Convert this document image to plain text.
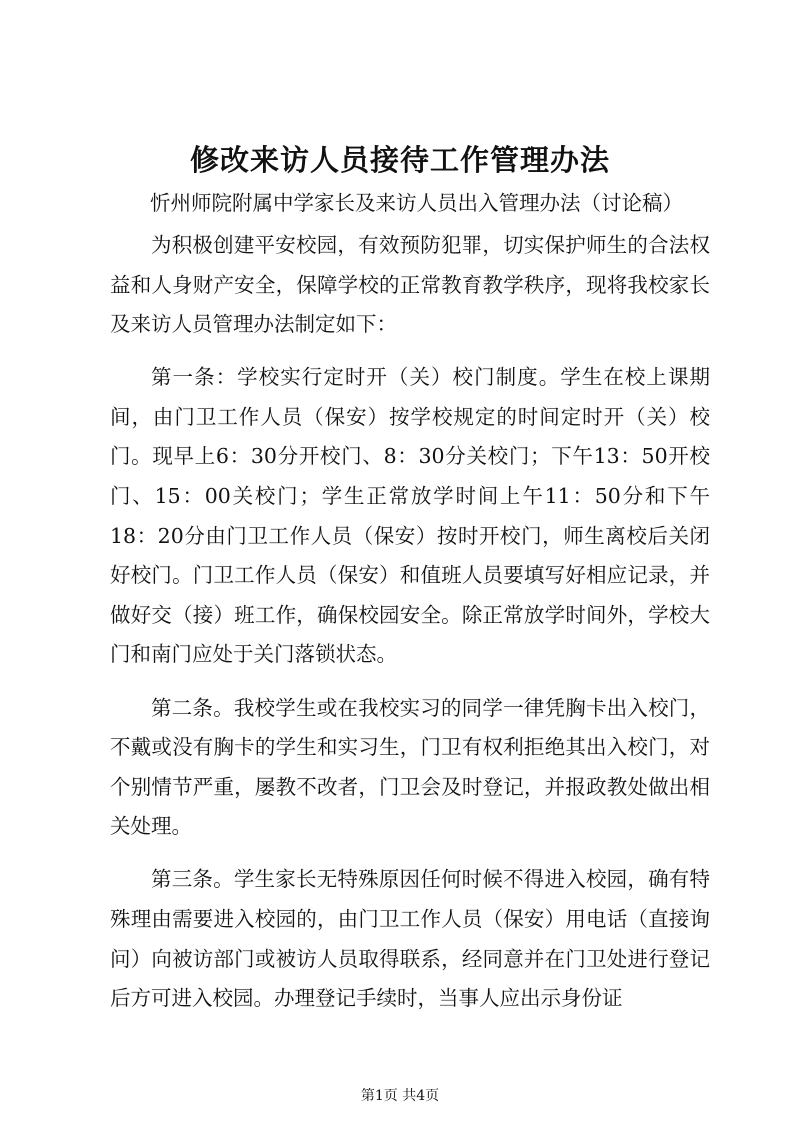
修改来访人员接待工作管理办法
忻州师院附属中学家长及来访人员出入管理办法（讨论稿）

为积极创建平安校园，有效预防犯罪，切实保护师生的合法权益和人身财产安全，保障学校的正常教育教学秩序，现将我校家长及来访人员管理办法制定如下：

第一条：学校实行定时开（关）校门制度。学生在校上课期间，由门卫工作人员（保安）按学校规定的时间定时开（关）校门。现早上6：30分开校门、8：30分关校门；下午13：50开校门、15：00关校门；学生正常放学时间上午11：50分和下午18：20分由门卫工作人员（保安）按时开校门，师生离校后关闭好校门。门卫工作人员（保安）和值班人员要填写好相应记录，并做好交（接）班工作，确保校园安全。除正常放学时间外，学校大门和南门应处于关门落锁状态。

第二条。我校学生或在我校实习的同学一律凭胸卡出入校门，不戴或没有胸卡的学生和实习生，门卫有权利拒绝其出入校门，对个别情节严重，屡教不改者，门卫会及时登记，并报政教处做出相关处理。

第三条。学生家长无特殊原因任何时候不得进入校园，确有特殊理由需要进入校园的，由门卫工作人员（保安）用电话（直接询问）向被访部门或被访人员取得联系，经同意并在门卫处进行登记后方可进入校园。办理登记手续时，当事人应出示身份证

第1页 共4页
